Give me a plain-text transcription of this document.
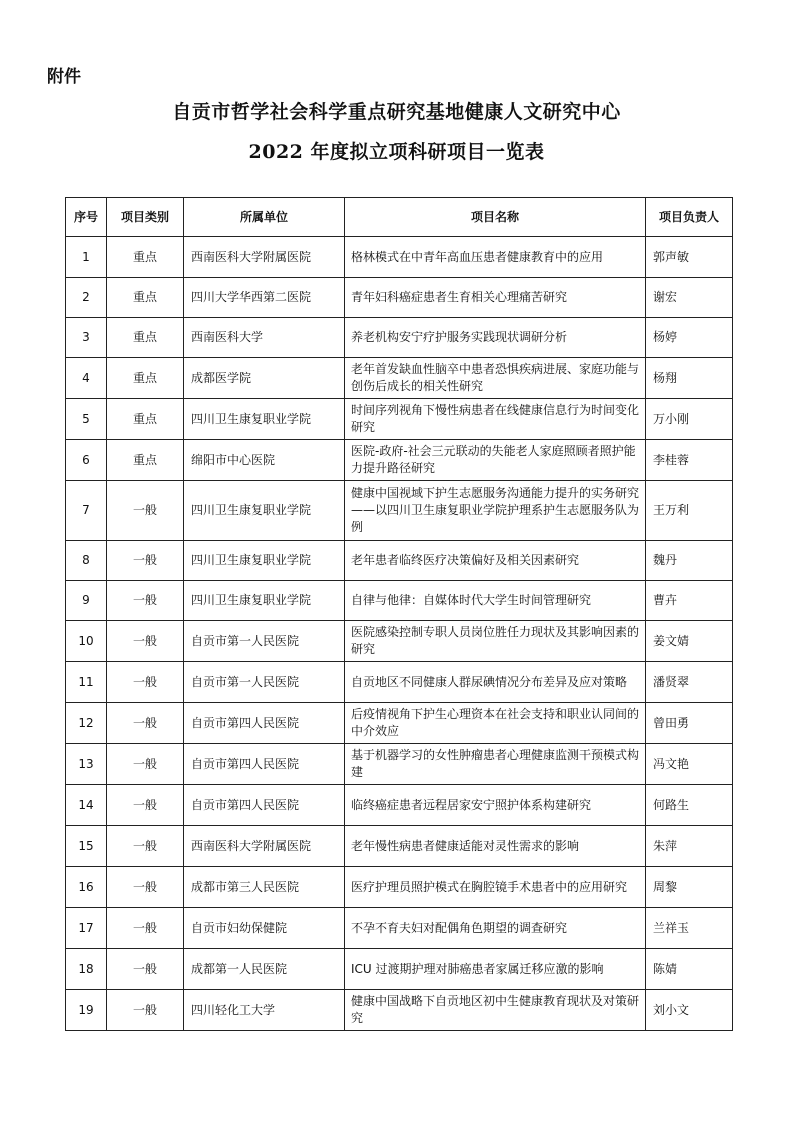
附件
自贡市哲学社会科学重点研究基地健康人文研究中心
2022 年度拟立项科研项目一览表
序号	项目类别	所属单位	项目名称	项目负责人
1	重点	西南医科大学附属医院	格林模式在中青年高血压患者健康教育中的应用	郭声敏
2	重点	四川大学华西第二医院	青年妇科癌症患者生育相关心理痛苦研究	谢宏
3	重点	西南医科大学	养老机构安宁疗护服务实践现状调研分析	杨婷
4	重点	成都医学院	老年首发缺血性脑卒中患者恐惧疾病进展、家庭功能与创伤后成长的相关性研究	杨翔
5	重点	四川卫生康复职业学院	时间序列视角下慢性病患者在线健康信息行为时间变化研究	万小刚
6	重点	绵阳市中心医院	医院-政府-社会三元联动的失能老人家庭照顾者照护能力提升路径研究	李桂蓉
7	一般	四川卫生康复职业学院	健康中国视域下护生志愿服务沟通能力提升的实务研究——以四川卫生康复职业学院护理系护生志愿服务队为例	王万利
8	一般	四川卫生康复职业学院	老年患者临终医疗决策偏好及相关因素研究	魏丹
9	一般	四川卫生康复职业学院	自律与他律：自媒体时代大学生时间管理研究	曹卉
10	一般	自贡市第一人民医院	医院感染控制专职人员岗位胜任力现状及其影响因素的研究	姜文婧
11	一般	自贡市第一人民医院	自贡地区不同健康人群尿碘情况分布差异及应对策略	潘贤翠
12	一般	自贡市第四人民医院	后疫情视角下护生心理资本在社会支持和职业认同间的中介效应	曾田勇
13	一般	自贡市第四人民医院	基于机器学习的女性肿瘤患者心理健康监测干预模式构建	冯文艳
14	一般	自贡市第四人民医院	临终癌症患者远程居家安宁照护体系构建研究	何路生
15	一般	西南医科大学附属医院	老年慢性病患者健康适能对灵性需求的影响	朱萍
16	一般	成都市第三人民医院	医疗护理员照护模式在胸腔镜手术患者中的应用研究	周黎
17	一般	自贡市妇幼保健院	不孕不育夫妇对配偶角色期望的调查研究	兰祥玉
18	一般	成都第一人民医院	ICU 过渡期护理对肺癌患者家属迁移应激的影响	陈婧
19	一般	四川轻化工大学	健康中国战略下自贡地区初中生健康教育现状及对策研究	刘小文
